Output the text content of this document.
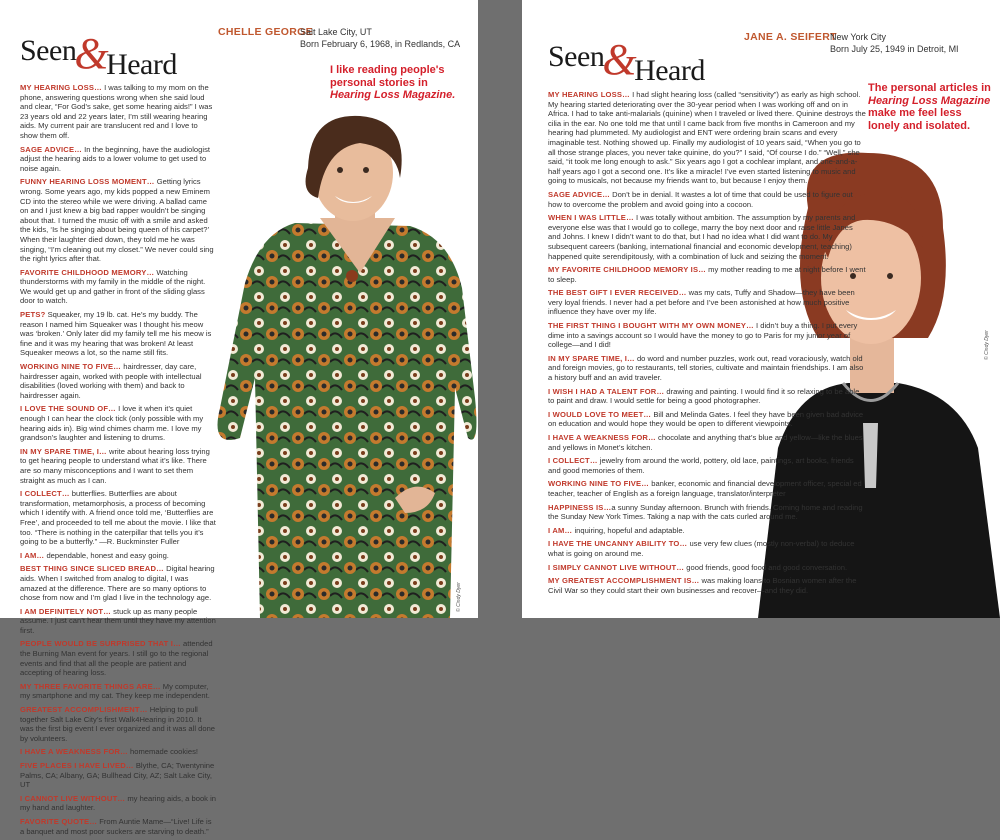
Seen&Heard
CHELLE GEORGE
Salt Lake City, UT
Born February 6, 1968, in Redlands, CA
I like reading people's personal stories in Hearing Loss Magazine.
© Cindy Dyer

MY HEARING LOSS… I was talking to my mom on the phone, answering questions wrong when she said loud and clear, “For God’s sake, get some hearing aids!” I was 23 years old and 22 years later, I’m still wearing hearing aids. My current pair are translucent red and I love to show them off.

SAGE ADVICE… In the beginning, have the audiologist adjust the hearing aids to a lower volume to get used to noise again.

FUNNY HEARING LOSS MOMENT… Getting lyrics wrong. Some years ago, my kids popped a new Eminem CD into the stereo while we were driving. A ballad came on and I just knew a big bad rapper wouldn’t be singing about that. I turned the music off with a smile and asked the kids, ‘Is he singing about being queen of his carpet?’ When their laughter died down, they told me he was singing, “I’m cleaning out my closet.” We never could sing the right lyrics after that.

FAVORITE CHILDHOOD MEMORY… Watching thunderstorms with my family in the middle of the night. We would get up and gather in front of the sliding glass door to watch.

PETS? Squeaker, my 19 lb. cat. He’s my buddy. The reason I named him Squeaker was I thought his meow was ‘broken.’ Only later did my family tell me his meow is fine and it was my hearing that was broken! At least Squeaker meows a lot, so the name still fits.

WORKING NINE TO FIVE… hairdresser, day care, hairdresser again, worked with people with intellectual disabilities (loved working with them) and back to hairdresser again.

I LOVE THE SOUND OF… I love it when it’s quiet enough I can hear the clock tick (only possible with my hearing aids in). Big wind chimes charm me. I love my grandson’s laughter and listening to drums.

IN MY SPARE TIME, I… write about hearing loss trying to get hearing people to understand what it’s like. There are so many misconceptions and I want to set them straight as much as I can.

I COLLECT… butterflies. Butterflies are about transformation, metamorphosis, a process of becoming which I identify with. A friend once told me, ‘Butterflies are Free’, and proceeded to tell me about the movie. I like that too. “There is nothing in the caterpillar that tells you it’s going to be a butterfly.” —R. Buckminster Fuller

I AM… dependable, honest and easy going.

BEST THING SINCE SLICED BREAD… Digital hearing aids. When I switched from analog to digital, I was amazed at the difference. There are so many options to chose from now and I’m glad I live in the technology age.

I AM DEFINITELY NOT… stuck up as many people assume. I just can’t hear them until they have my attention first.

PEOPLE WOULD BE SURPRISED THAT I… attended the Burning Man event for years. I still go to the regional events and find that all the people are patient and accepting of hearing loss.

MY THREE FAVORITE THINGS ARE… My computer, my smartphone and my cat. They keep me independent.

GREATEST ACCOMPLISHMENT… Helping to pull together Salt Lake City’s first Walk4Hearing in 2010. It was the first big event I ever organized and it was all done by volunteers.

I HAVE A WEAKNESS FOR… homemade cookies!

FIVE PLACES I HAVE LIVED… Blythe, CA; Twentynine Palms, CA; Albany, GA; Bullhead City, AZ; Salt Lake City, UT

I CANNOT LIVE WITHOUT… my hearing aids, a book in my hand and laughter.

FAVORITE QUOTE… From Auntie Mame—“Live! Life is a banquet and most poor suckers are starving to death.”

Seen&Heard
JANE A. SEIFERT
New York City
Born July 25, 1949 in Detroit, MI
The personal articles in Hearing Loss Magazine make me feel less lonely and isolated.
© Cindy Dyer

MY HEARING LOSS… I had slight hearing loss (called “sensitivity”) as early as high school. My hearing started deteriorating over the 30-year period when I was working off and on in Africa. I had to take anti-malarials (quinine) when I traveled or lived there. Quinine destroys the cilia in the ear. No one told me that until I came back from five months in Cameroon and my hearing had plummeted. My audiologist and ENT were ordering brain scans and every imaginable test. Nothing showed up. Finally my audiologist of 10 years said, “When you go to all those strange places, you never take quinine, do you?” I said, “Of course I do.” “Well,” she said, “it took me long enough to ask.” Six years ago I got a cochlear implant, and one-and-a-half years ago I got a second one. It’s like a miracle! I’ve even started listening to music and going to musicals, not because my friends want to, but because I enjoy them.

SAGE ADVICE… Don’t be in denial. It wastes a lot of time that could be used to figure out how to overcome the problem and avoid going into a cocoon.

WHEN I WAS LITTLE… I was totally without ambition. The assumption by my parents and everyone else was that I would go to college, marry the boy next door and raise little Janes and Johns. I knew I didn’t want to do that, but I had no idea what I did want to do. My subsequent careers (banking, international financial and economic development, teaching) happened quite serendipitously, with a combination of luck and seizing the moment.

MY FAVORITE CHILDHOOD MEMORY IS… my mother reading to me at night before I went to sleep.

THE BEST GIFT I EVER RECEIVED… was my cats, Tuffy and Shadow—they have been very loyal friends. I never had a pet before and I’ve been astonished at how much positive influence they have over my life.

THE FIRST THING I BOUGHT WITH MY OWN MONEY… I didn’t buy a thing. I put every dime into a savings account so I would have the money to go to Paris for my junior year of college—and I did!

IN MY SPARE TIME, I… do word and number puzzles, work out, read voraciously, watch old and foreign movies, go to restaurants, tell stories, cultivate and maintain friendships. I am also a history buff and an avid traveler.

I WISH I HAD A TALENT FOR… drawing and painting. I would find it so relaxing to be able to paint and draw. I would settle for being a good photographer.

I WOULD LOVE TO MEET… Bill and Melinda Gates. I feel they have been given bad advice on education and would hope they would be open to different viewpoints.

I HAVE A WEAKNESS FOR… chocolate and anything that’s blue and yellow—like the blues and yellows in Monet’s kitchen.

I COLLECT… jewelry from around the world, pottery, old lace, paintings, art books, friends and good memories of them.

WORKING NINE TO FIVE… banker, economic and financial development officer, special ed teacher, teacher of English as a foreign language, translator/interpreter

HAPPINESS IS…a sunny Sunday afternoon. Brunch with friends. Coming home and reading the Sunday New York Times. Taking a nap with the cats curled around me.

I AM… inquiring, hopeful and adaptable.

I HAVE THE UNCANNY ABILITY TO… use very few clues (mostly non-verbal) to deduce what is going on around me.

I SIMPLY CANNOT LIVE WITHOUT… good friends, good food and good conversation.

MY GREATEST ACCOMPLISHMENT IS… was making loans to Bosnian women after the Civil War so they could start their own businesses and recover—and they did.
